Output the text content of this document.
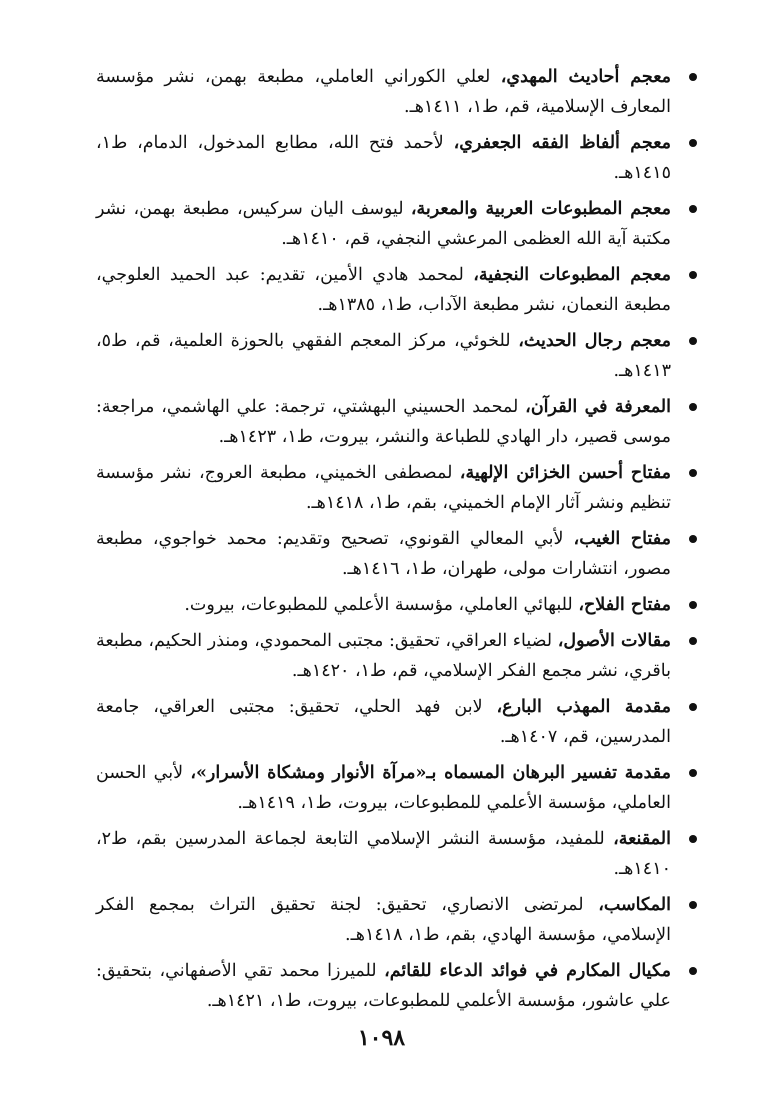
معجم أحاديث المهدي، لعلي الكوراني العاملي، مطبعة بهمن، نشر مؤسسة المعارف الإسلامية، قم، ط١، ١٤١١هـ.
معجم ألفاظ الفقه الجعفري، لأحمد فتح الله، مطابع المدخول، الدمام، ط١، ١٤١٥هـ.
معجم المطبوعات العربية والمعربة، ليوسف اليان سركيس، مطبعة بهمن، نشر مكتبة آية الله العظمى المرعشي النجفي، قم، ١٤١٠هـ.
معجم المطبوعات النجفية، لمحمد هادي الأمين، تقديم: عبد الحميد العلوجي، مطبعة النعمان، نشر مطبعة الآداب، ط١، ١٣٨٥هـ.
معجم رجال الحديث، للخوئي، مركز المعجم الفقهي بالحوزة العلمية، قم، ط٥، ١٤١٣هـ.
المعرفة في القرآن، لمحمد الحسيني البهشتي، ترجمة: علي الهاشمي، مراجعة: موسى قصير، دار الهادي للطباعة والنشر، بيروت، ط١، ١٤٢٣هـ.
مفتاح أحسن الخزائن الإلهية، لمصطفى الخميني، مطبعة العروج، نشر مؤسسة تنظيم ونشر آثار الإمام الخميني، بقم، ط١، ١٤١٨هـ.
مفتاح الغيب، لأبي المعالي القونوي، تصحيح وتقديم: محمد خواجوي، مطبعة مصور، انتشارات مولى، طهران، ط١، ١٤١٦هـ.
مفتاح الفلاح، للبهائي العاملي، مؤسسة الأعلمي للمطبوعات، بيروت.
مقالات الأصول، لضياء العراقي، تحقيق: مجتبى المحمودي، ومنذر الحكيم، مطبعة باقري، نشر مجمع الفكر الإسلامي، قم، ط١، ١٤٢٠هـ.
مقدمة المهذب البارع، لابن فهد الحلي، تحقيق: مجتبى العراقي، جامعة المدرسين، قم، ١٤٠٧هـ.
مقدمة تفسير البرهان المسماه بـ«مرآة الأنوار ومشكاة الأسرار»، لأبي الحسن العاملي، مؤسسة الأعلمي للمطبوعات، بيروت، ط١، ١٤١٩هـ.
المقنعة، للمفيد، مؤسسة النشر الإسلامي التابعة لجماعة المدرسين بقم، ط٢، ١٤١٠هـ.
المكاسب، لمرتضى الانصاري، تحقيق: لجنة تحقيق التراث بمجمع الفكر الإسلامي، مؤسسة الهادي، بقم، ط١، ١٤١٨هـ.
مكيال المكارم في فوائد الدعاء للقائم، للميرزا محمد تقي الأصفهاني، بتحقيق: علي عاشور، مؤسسة الأعلمي للمطبوعات، بيروت، ط١، ١٤٢١هـ.
١٠٩٨
